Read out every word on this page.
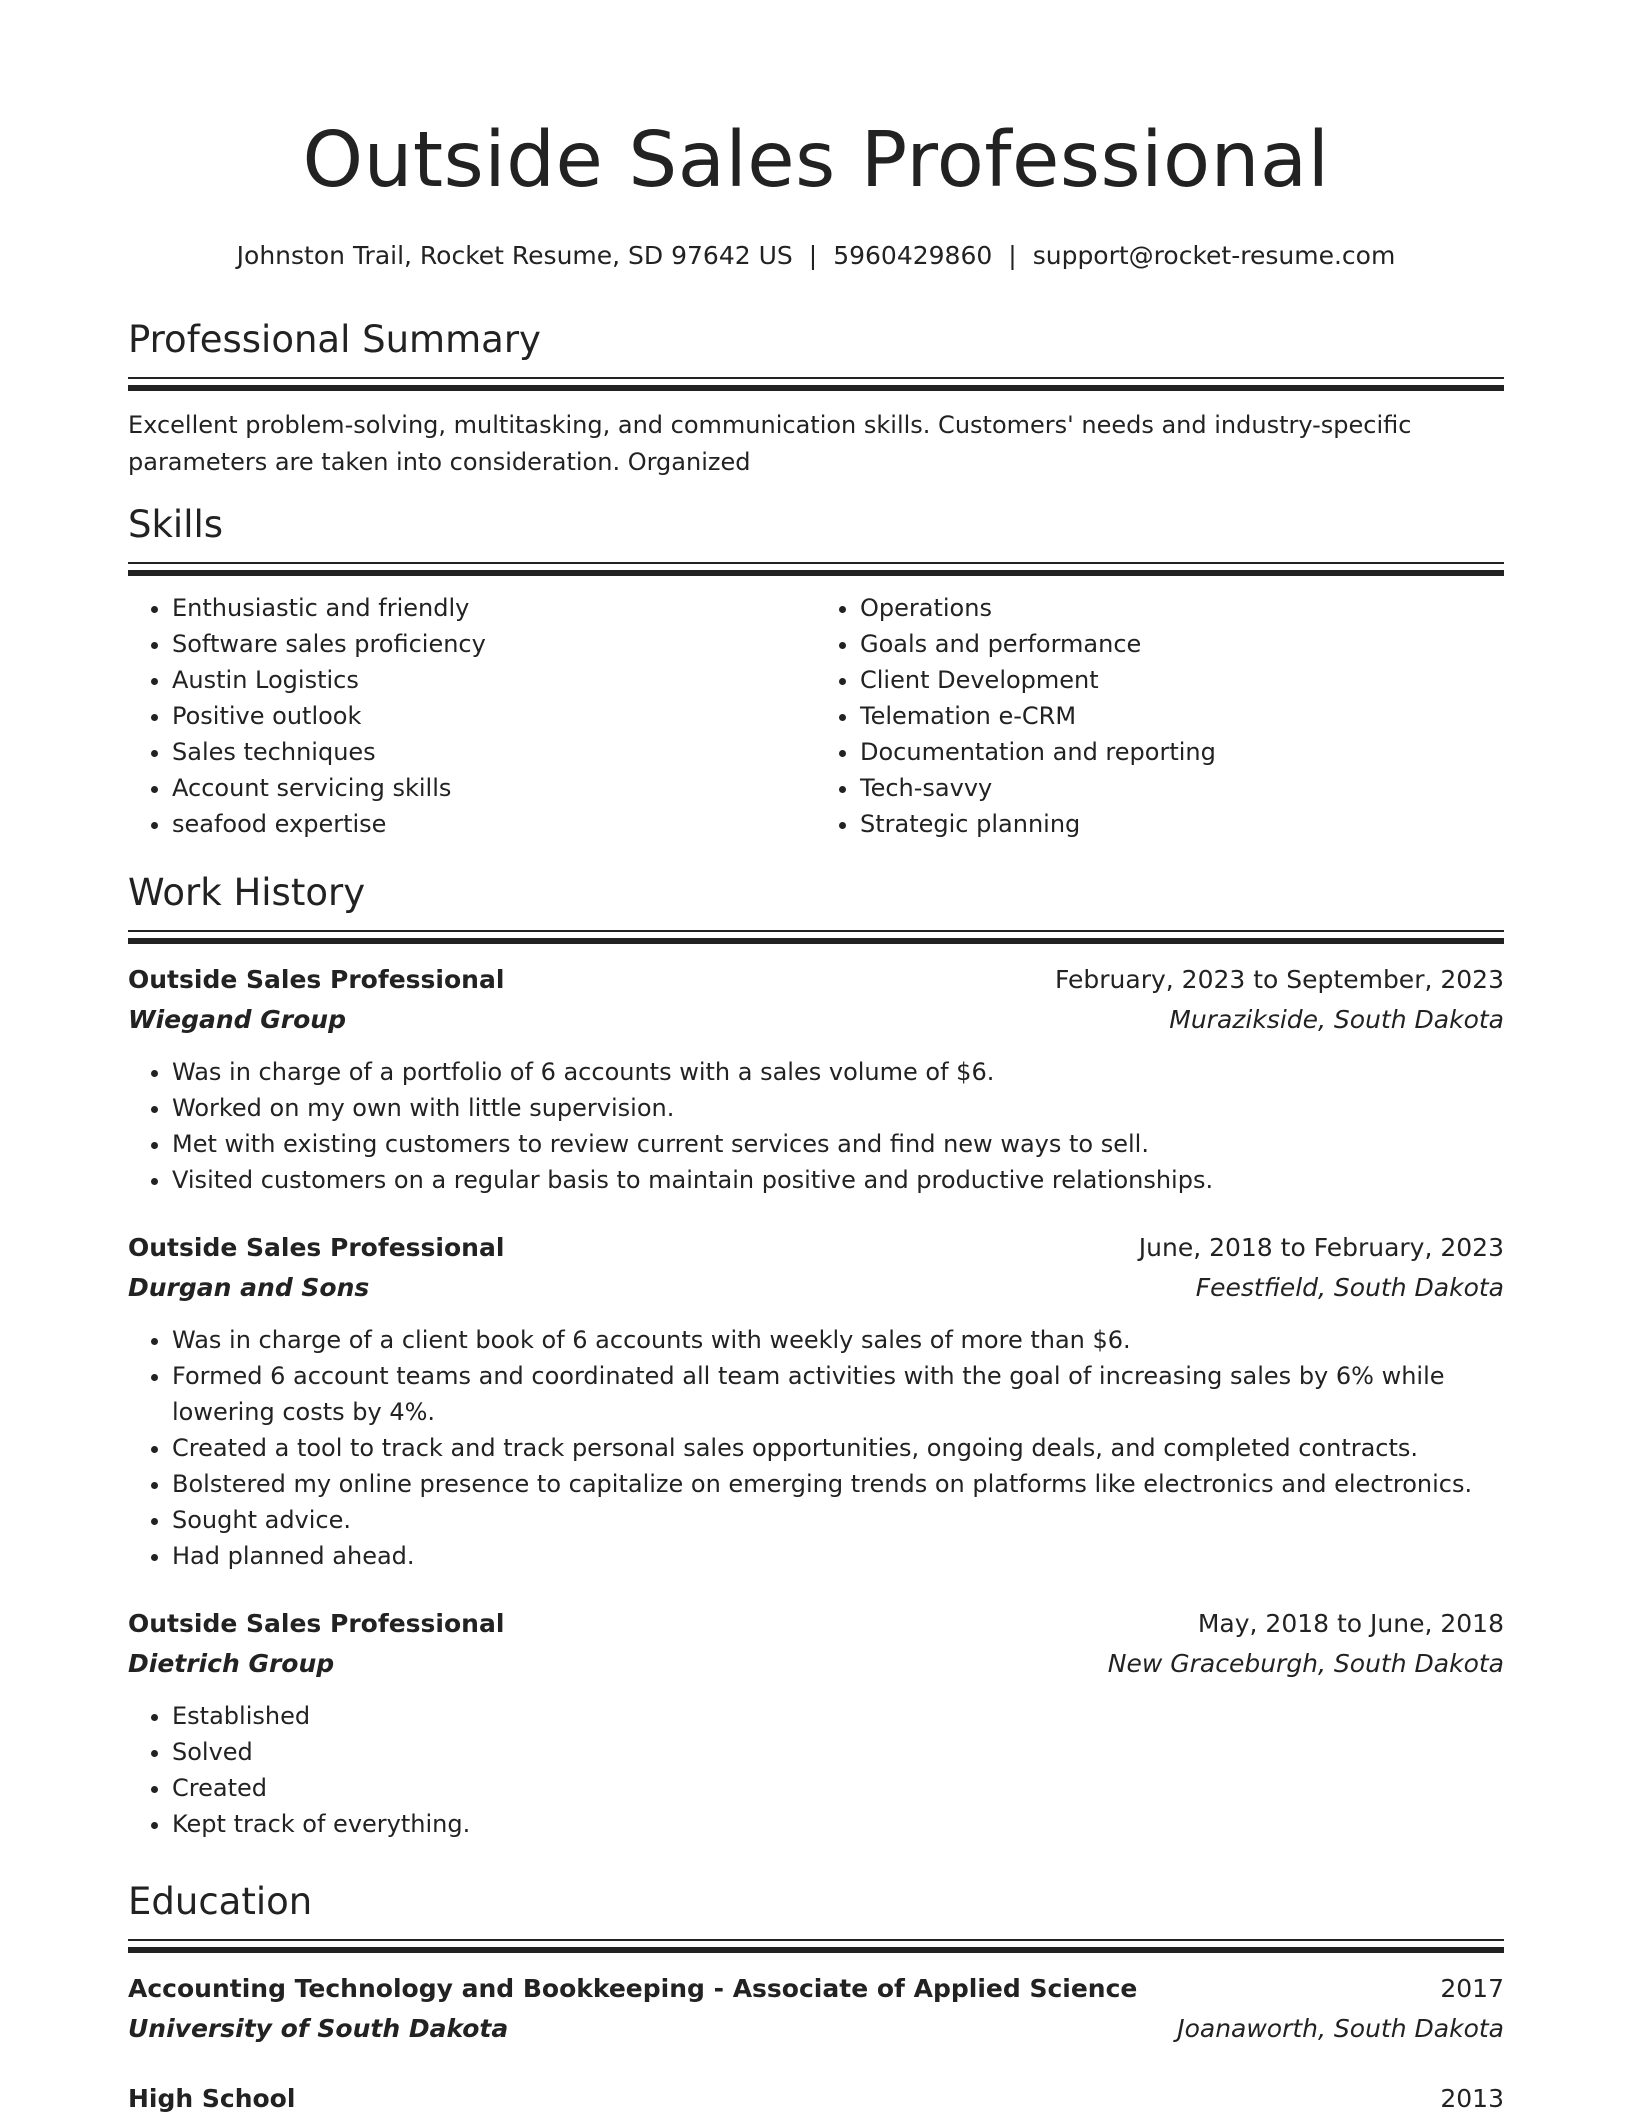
Outside Sales Professional
Johnston Trail, Rocket Resume, SD 97642 US | 5960429860 | support@rocket-resume.com
Professional Summary
Excellent problem-solving, multitasking, and communication skills. Customers' needs and industry-specific parameters are taken into consideration. Organized
Skills
• Enthusiastic and friendly
• Software sales proficiency
• Austin Logistics
• Positive outlook
• Sales techniques
• Account servicing skills
• seafood expertise
• Operations
• Goals and performance
• Client Development
• Telemation e-CRM
• Documentation and reporting
• Tech-savvy
• Strategic planning
Work History
Outside Sales Professional	February, 2023 to September, 2023
Wiegand Group	Murazikside, South Dakota
• Was in charge of a portfolio of 6 accounts with a sales volume of $6.
• Worked on my own with little supervision.
• Met with existing customers to review current services and find new ways to sell.
• Visited customers on a regular basis to maintain positive and productive relationships.
Outside Sales Professional	June, 2018 to February, 2023
Durgan and Sons	Feestfield, South Dakota
• Was in charge of a client book of 6 accounts with weekly sales of more than $6.
• Formed 6 account teams and coordinated all team activities with the goal of increasing sales by 6% while lowering costs by 4%.
• Created a tool to track and track personal sales opportunities, ongoing deals, and completed contracts.
• Bolstered my online presence to capitalize on emerging trends on platforms like electronics and electronics.
• Sought advice.
• Had planned ahead.
Outside Sales Professional	May, 2018 to June, 2018
Dietrich Group	New Graceburgh, South Dakota
• Established
• Solved
• Created
• Kept track of everything.
Education
Accounting Technology and Bookkeeping - Associate of Applied Science	2017
University of South Dakota	Joanaworth, South Dakota
High School	2013
